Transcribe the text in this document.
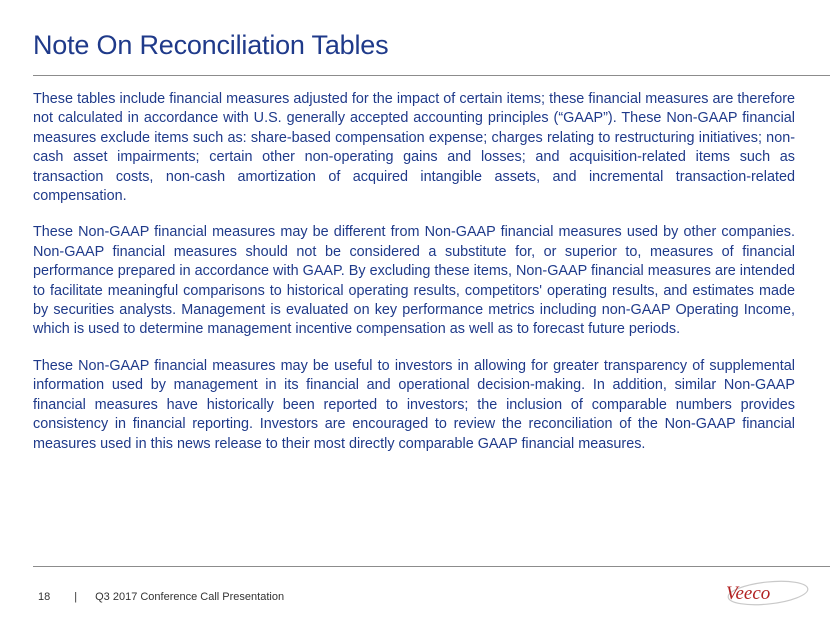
Note On Reconciliation Tables

These tables include financial measures adjusted for the impact of certain items; these financial measures are therefore not calculated in accordance with U.S. generally accepted accounting principles (“GAAP”). These Non-GAAP financial measures exclude items such as: share-based compensation expense; charges relating to restructuring initiatives; non-cash asset impairments; certain other non-operating gains and losses; and acquisition-related items such as transaction costs, non-cash amortization of acquired intangible assets, and incremental transaction-related compensation.

These Non-GAAP financial measures may be different from Non-GAAP financial measures used by other companies. Non-GAAP financial measures should not be considered a substitute for, or superior to, measures of financial performance prepared in accordance with GAAP. By excluding these items, Non-GAAP financial measures are intended to facilitate meaningful comparisons to historical operating results, competitors' operating results, and estimates made by securities analysts. Management is evaluated on key performance metrics including non-GAAP Operating Income, which is used to determine management incentive compensation as well as to forecast future periods.

These Non-GAAP financial measures may be useful to investors in allowing for greater transparency of supplemental information used by management in its financial and operational decision-making. In addition, similar Non-GAAP financial measures have historically been reported to investors; the inclusion of comparable numbers provides consistency in financial reporting. Investors are encouraged to review the reconciliation of the Non-GAAP financial measures used in this news release to their most directly comparable GAAP financial measures.

18 | Q3 2017 Conference Call Presentation	Veeco
